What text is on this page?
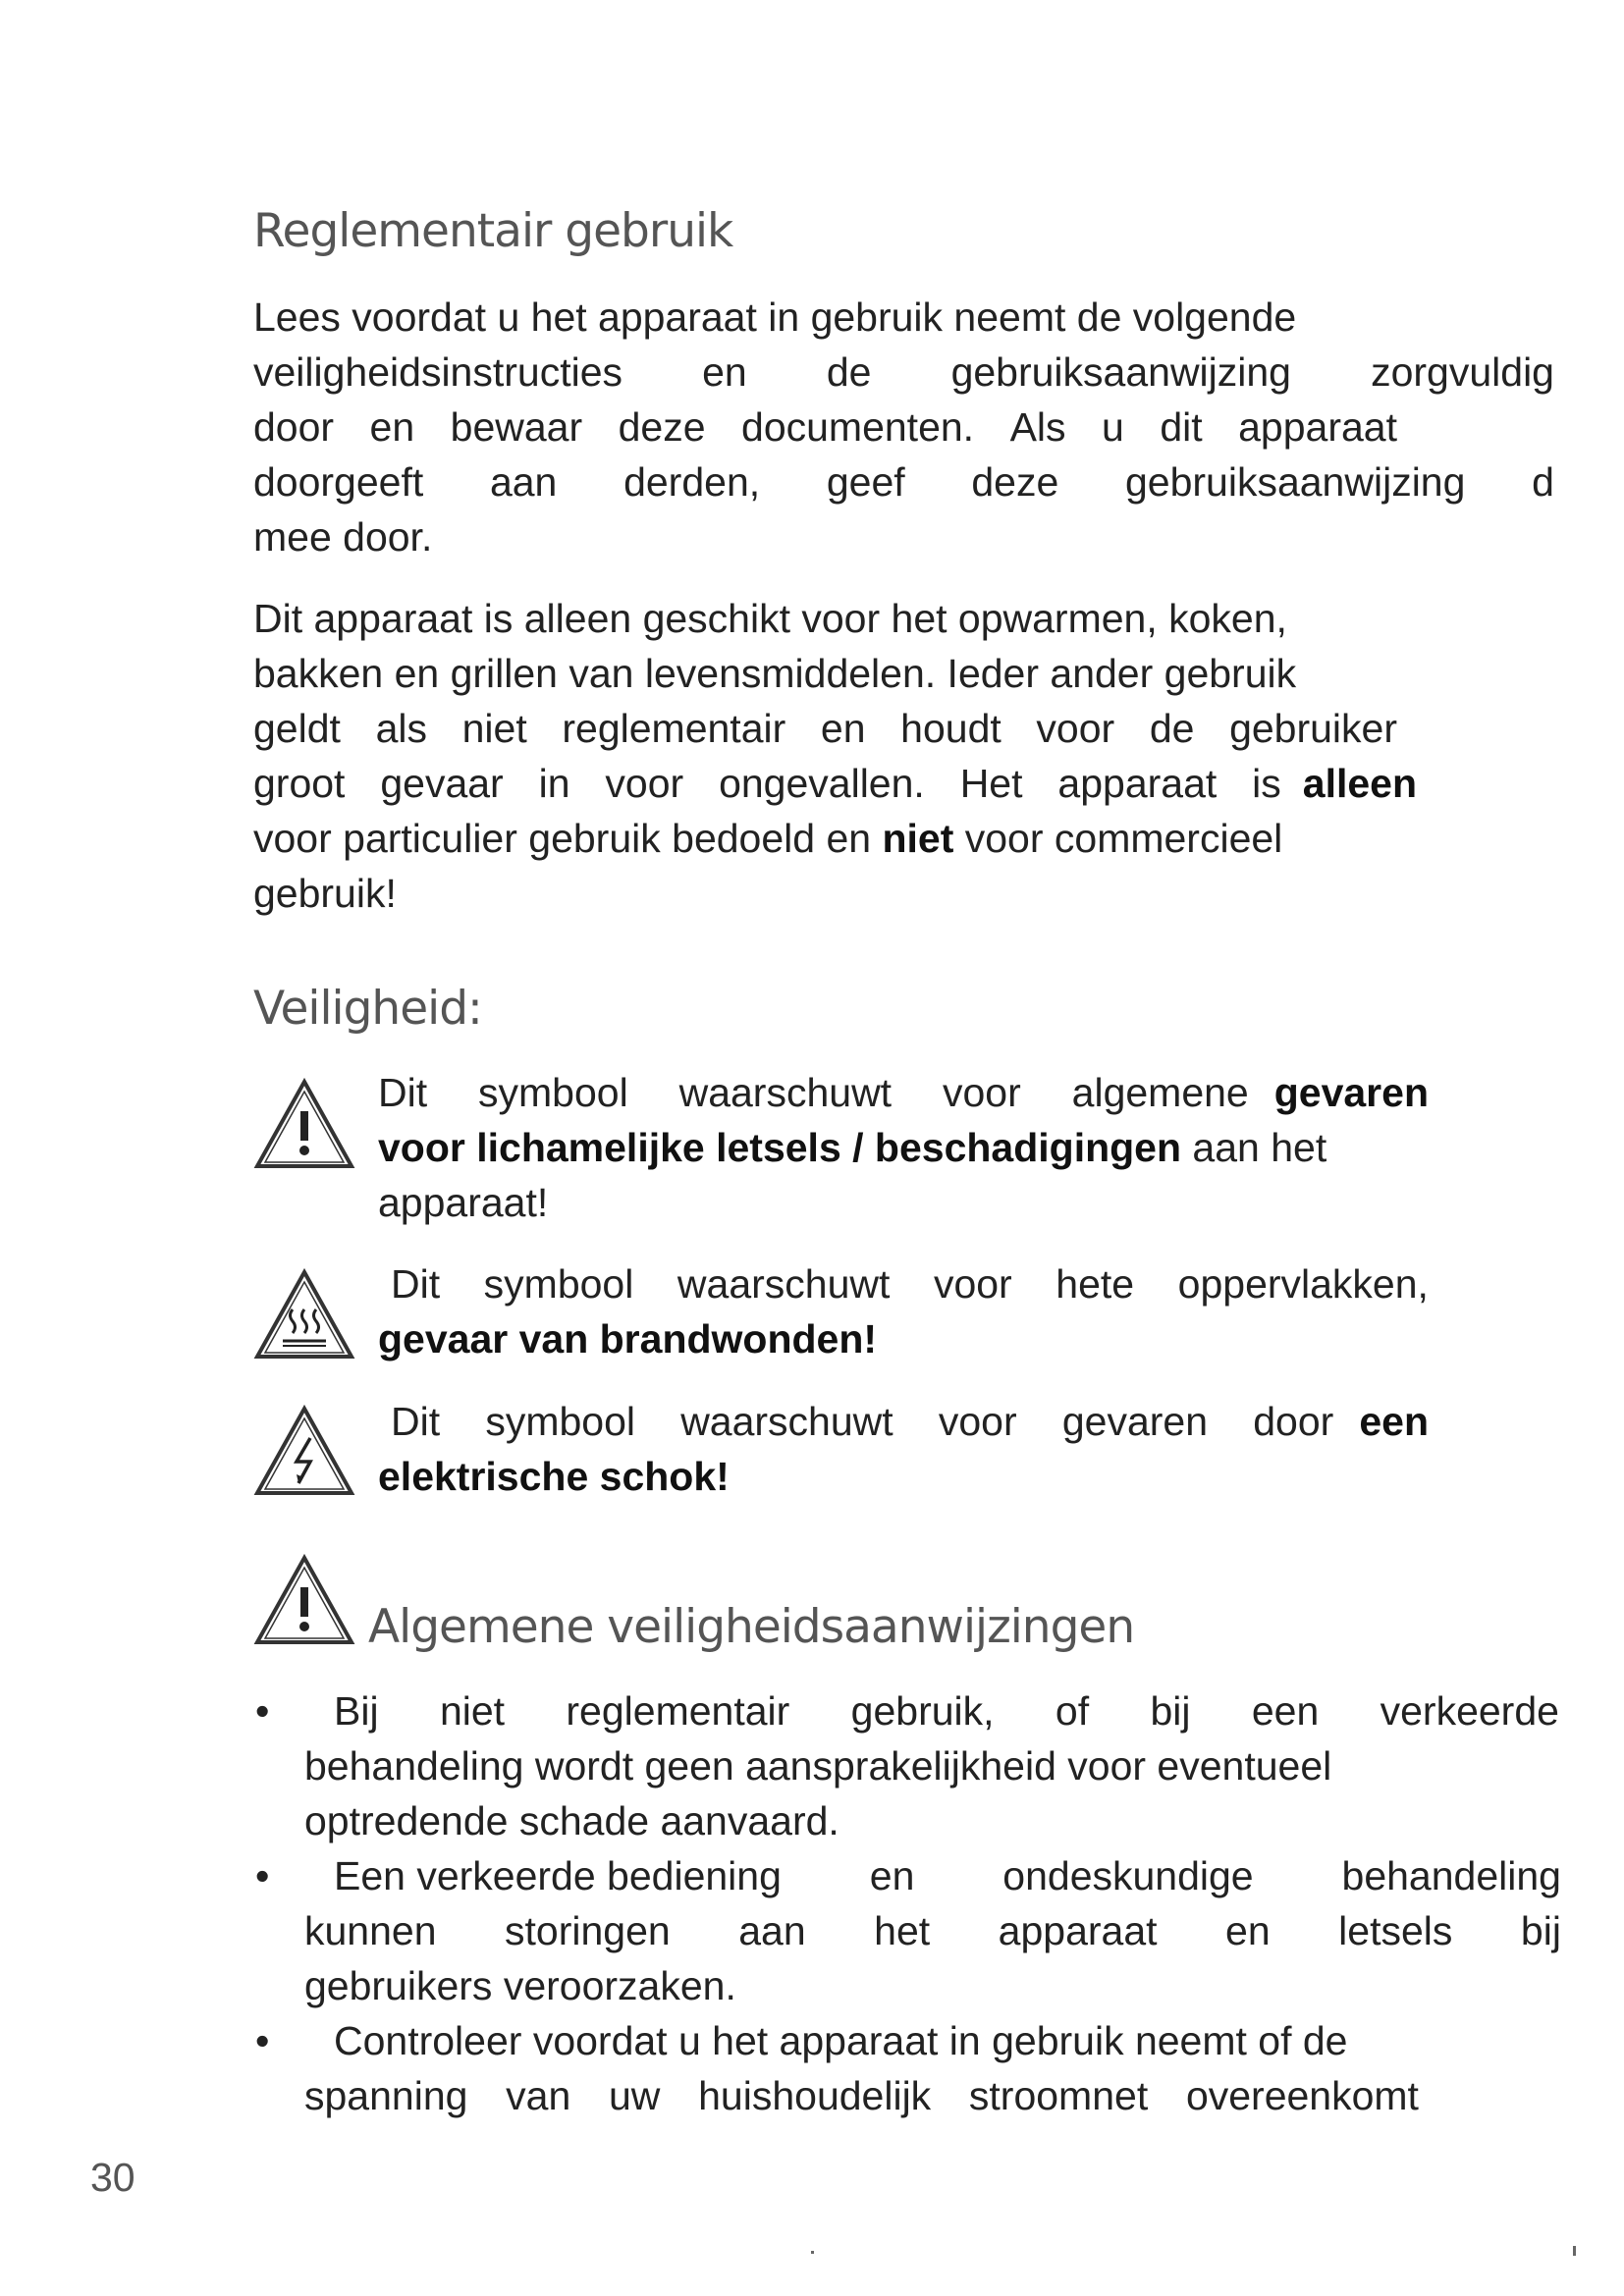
Reglementair gebruik
Lees voordat u het apparaat in gebruik neemt de volgende
veiligheidsinstructies en de gebruiksaanwijzing zorgvuldig
door en bewaar deze documenten. Als u dit apparaat
doorgeeft aan derden, geef deze gebruiksaanwijzing d
mee door.
Dit apparaat is alleen geschikt voor het opwarmen, koken,
bakken en grillen van levensmiddelen. Ieder ander gebruik
geldt als niet reglementair en houdt voor de gebruiker
groot gevaar in voor ongevallen. Het apparaat is alleen
voor particulier gebruik bedoeld en niet voor commercieel
gebruik!
Veiligheid:
Dit symbool waarschuwt voor algemene gevaren
voor lichamelijke letsels / beschadigingen aan het
apparaat!
Dit symbool waarschuwt voor hete oppervlakken,
gevaar van brandwonden!
Dit symbool waarschuwt voor gevaren door een
elektrische schok!
Algemene veiligheidsaanwijzingen
• Bij niet reglementair gebruik, of bij een verkeerde
behandeling wordt geen aansprakelijkheid voor eventueel
optredende schade aanvaard.
• Een verkeerde bediening en ondeskundige behandeling
kunnen storingen aan het apparaat en letsels bij
gebruikers veroorzaken.
•	Controleer voordat u het apparaat in gebruik neemt of de
spanning van uw huishoudelijk stroomnet overeenkomt
30
